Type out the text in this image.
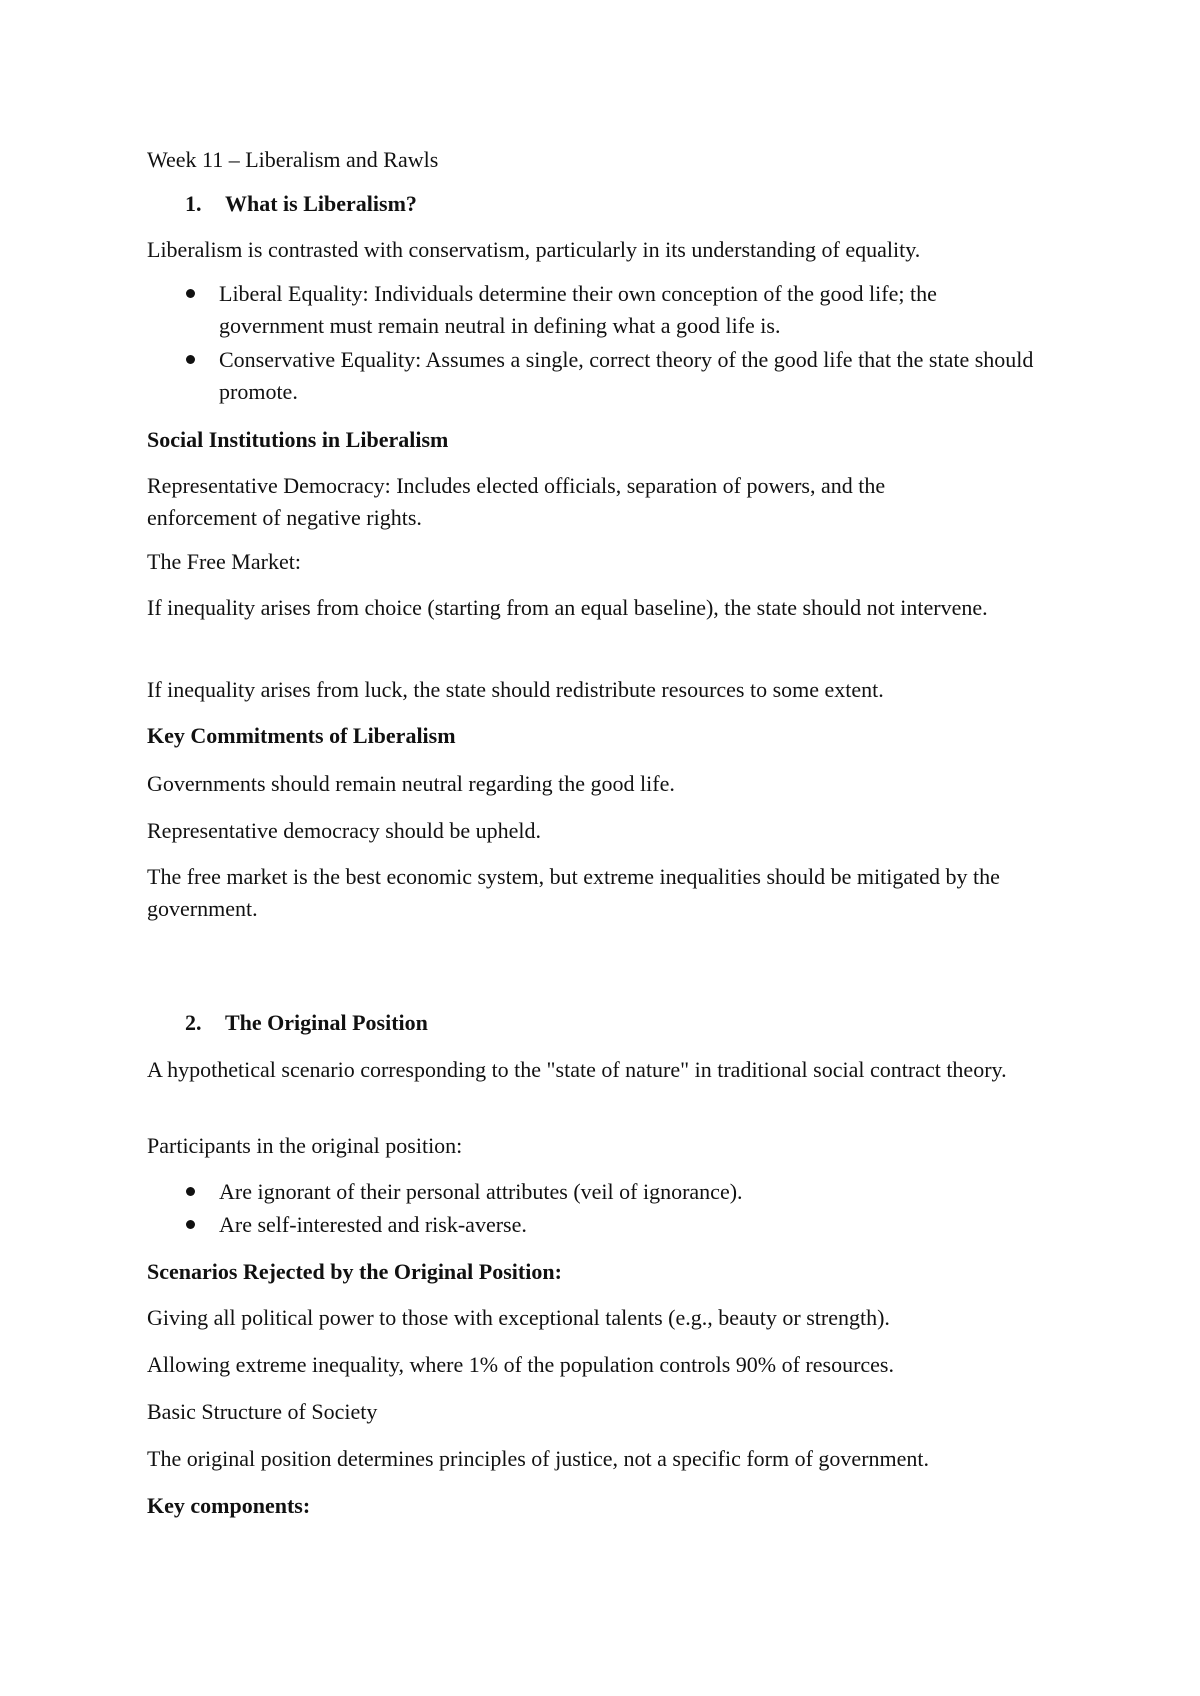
Week 11 – Liberalism and Rawls
1. What is Liberalism?
Liberalism is contrasted with conservatism, particularly in its understanding of equality.
Liberal Equality: Individuals determine their own conception of the good life; the government must remain neutral in defining what a good life is.
Conservative Equality: Assumes a single, correct theory of the good life that the state should promote.
Social Institutions in Liberalism
Representative Democracy: Includes elected officials, separation of powers, and the enforcement of negative rights.
The Free Market:
If inequality arises from choice (starting from an equal baseline), the state should not intervene.
If inequality arises from luck, the state should redistribute resources to some extent.
Key Commitments of Liberalism
Governments should remain neutral regarding the good life.
Representative democracy should be upheld.
The free market is the best economic system, but extreme inequalities should be mitigated by the government.
2. The Original Position
A hypothetical scenario corresponding to the "state of nature" in traditional social contract theory.
Participants in the original position:
Are ignorant of their personal attributes (veil of ignorance).
Are self-interested and risk-averse.
Scenarios Rejected by the Original Position:
Giving all political power to those with exceptional talents (e.g., beauty or strength).
Allowing extreme inequality, where 1% of the population controls 90% of resources.
Basic Structure of Society
The original position determines principles of justice, not a specific form of government.
Key components:
